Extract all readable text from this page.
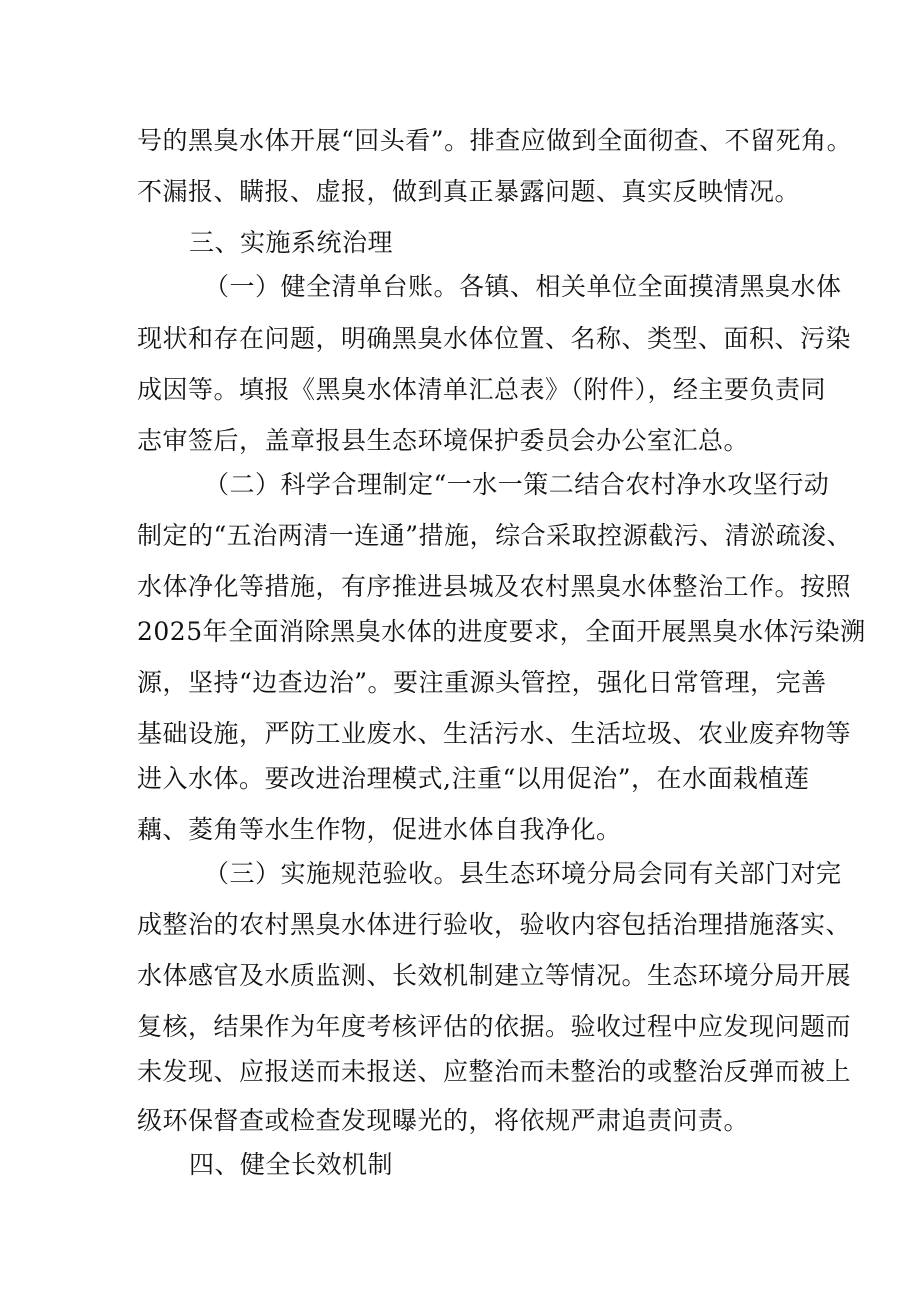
号的黑臭水体开展“回头看”。排查应做到全面彻查、不留死角。
不漏报、瞒报、虚报，做到真正暴露问题、真实反映情况。
三、实施系统治理
（一）健全清单台账。各镇、相关单位全面摸清黑臭水体
现状和存在问题，明确黑臭水体位置、名称、类型、面积、污染
成因等。填报《黑臭水体清单汇总表》（附件），经主要负责同
志审签后，盖章报县生态环境保护委员会办公室汇总。
（二）科学合理制定“一水一策二结合农村净水攻坚行动
制定的“五治两清一连通”措施，综合采取控源截污、清淤疏浚、
水体净化等措施，有序推进县城及农村黑臭水体整治工作。按照
2025年全面消除黑臭水体的进度要求，全面开展黑臭水体污染溯
源，坚持“边查边治”。要注重源头管控，强化日常管理，完善
基础设施，严防工业废水、生活污水、生活垃圾、农业废弃物等
进入水体。要改进治理模式,注重“以用促治”，在水面栽植莲
藕、菱角等水生作物，促进水体自我净化。
（三）实施规范验收。县生态环境分局会同有关部门对完
成整治的农村黑臭水体进行验收，验收内容包括治理措施落实、
水体感官及水质监测、长效机制建立等情况。生态环境分局开展
复核，结果作为年度考核评估的依据。验收过程中应发现问题而
未发现、应报送而未报送、应整治而未整治的或整治反弹而被上
级环保督查或检查发现曝光的，将依规严肃追责问责。
四、健全长效机制
